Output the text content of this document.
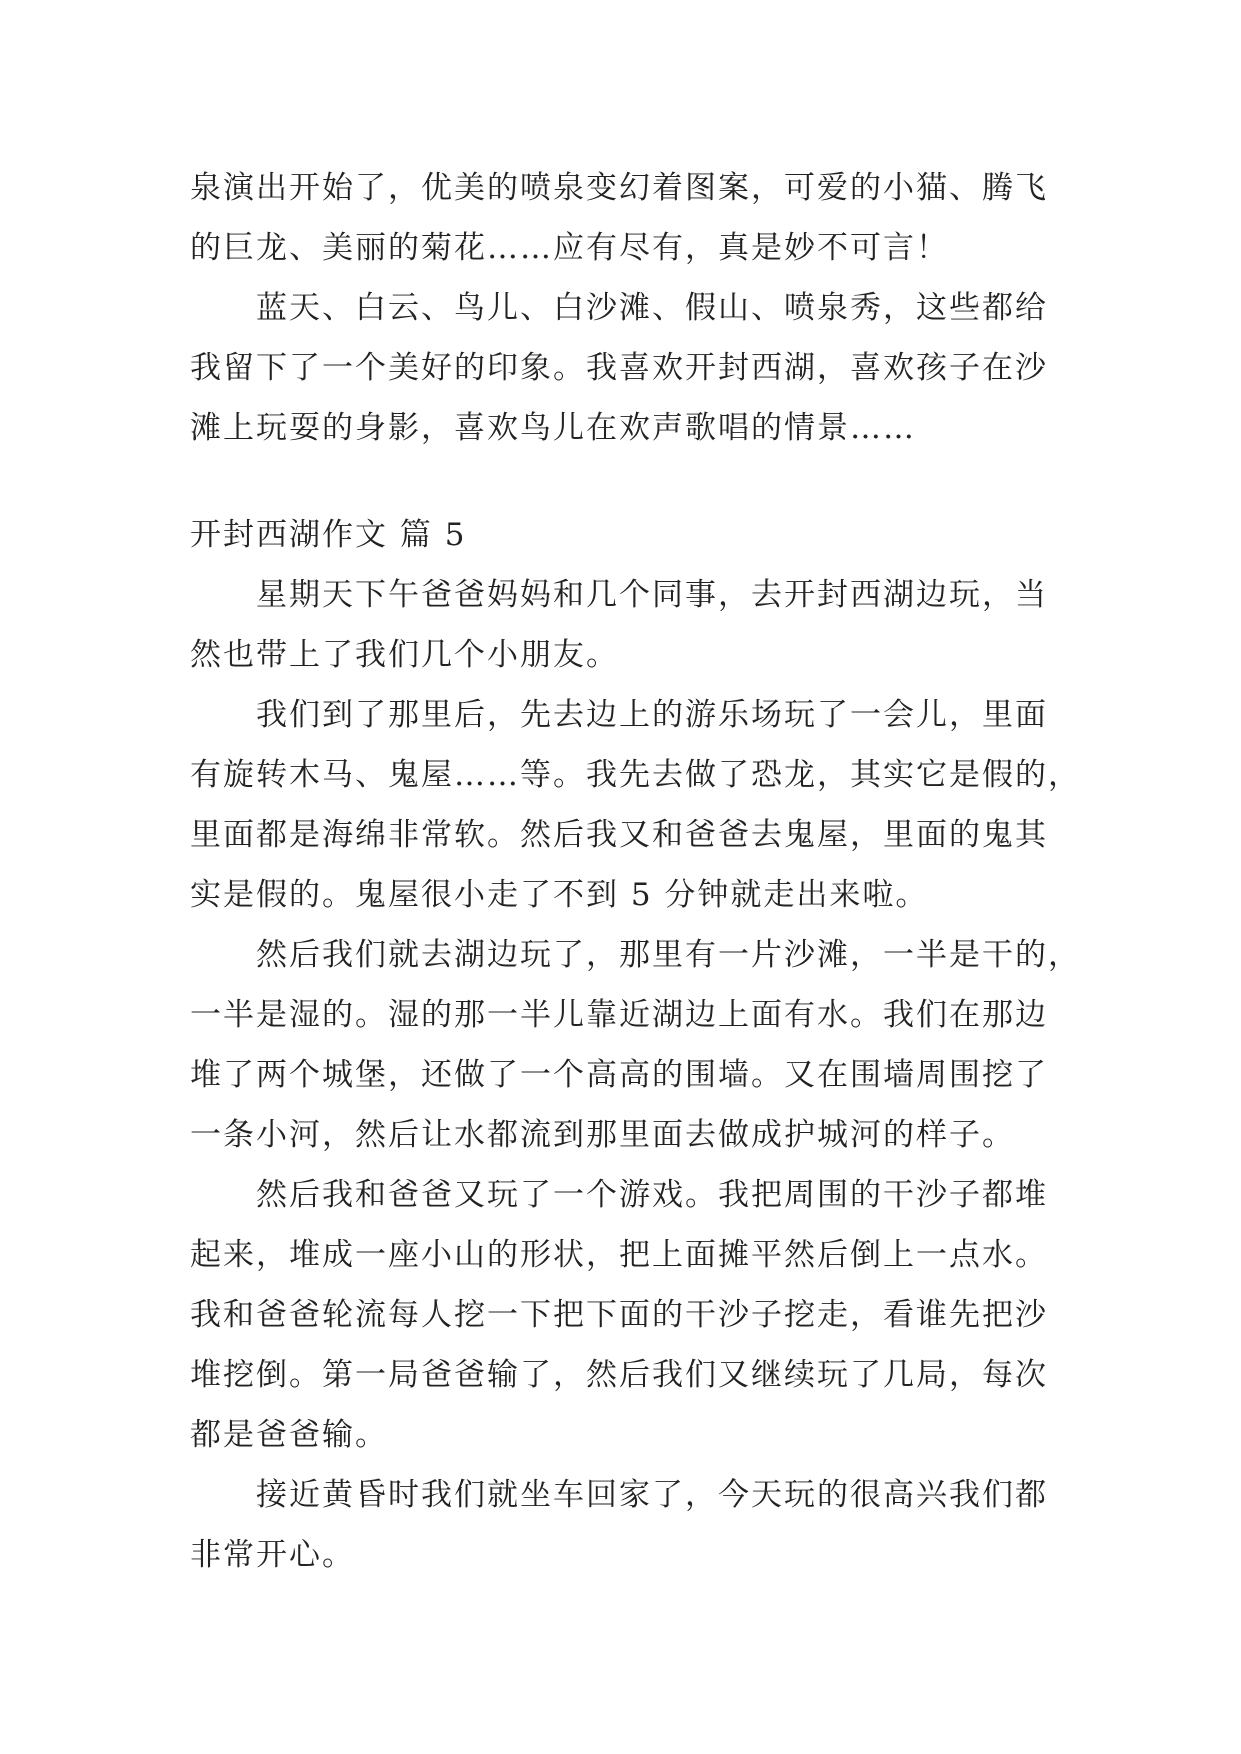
泉演出开始了，优美的喷泉变幻着图案，可爱的小猫、腾飞
的巨龙、美丽的菊花……应有尽有，真是妙不可言！
蓝天、白云、鸟儿、白沙滩、假山、喷泉秀，这些都给
我留下了一个美好的印象。我喜欢开封西湖，喜欢孩子在沙
滩上玩耍的身影，喜欢鸟儿在欢声歌唱的情景……
开封西湖作文 篇 5
星期天下午爸爸妈妈和几个同事，去开封西湖边玩，当
然也带上了我们几个小朋友。
我们到了那里后，先去边上的游乐场玩了一会儿，里面
有旋转木马、鬼屋……等。我先去做了恐龙，其实它是假的，
里面都是海绵非常软。然后我又和爸爸去鬼屋，里面的鬼其
实是假的。鬼屋很小走了不到 5 分钟就走出来啦。
然后我们就去湖边玩了，那里有一片沙滩，一半是干的，
一半是湿的。湿的那一半儿靠近湖边上面有水。我们在那边
堆了两个城堡，还做了一个高高的围墙。又在围墙周围挖了
一条小河，然后让水都流到那里面去做成护城河的样子。
然后我和爸爸又玩了一个游戏。我把周围的干沙子都堆
起来，堆成一座小山的形状，把上面摊平然后倒上一点水。
我和爸爸轮流每人挖一下把下面的干沙子挖走，看谁先把沙
堆挖倒。第一局爸爸输了，然后我们又继续玩了几局，每次
都是爸爸输。
接近黄昏时我们就坐车回家了，今天玩的很高兴我们都
非常开心。
